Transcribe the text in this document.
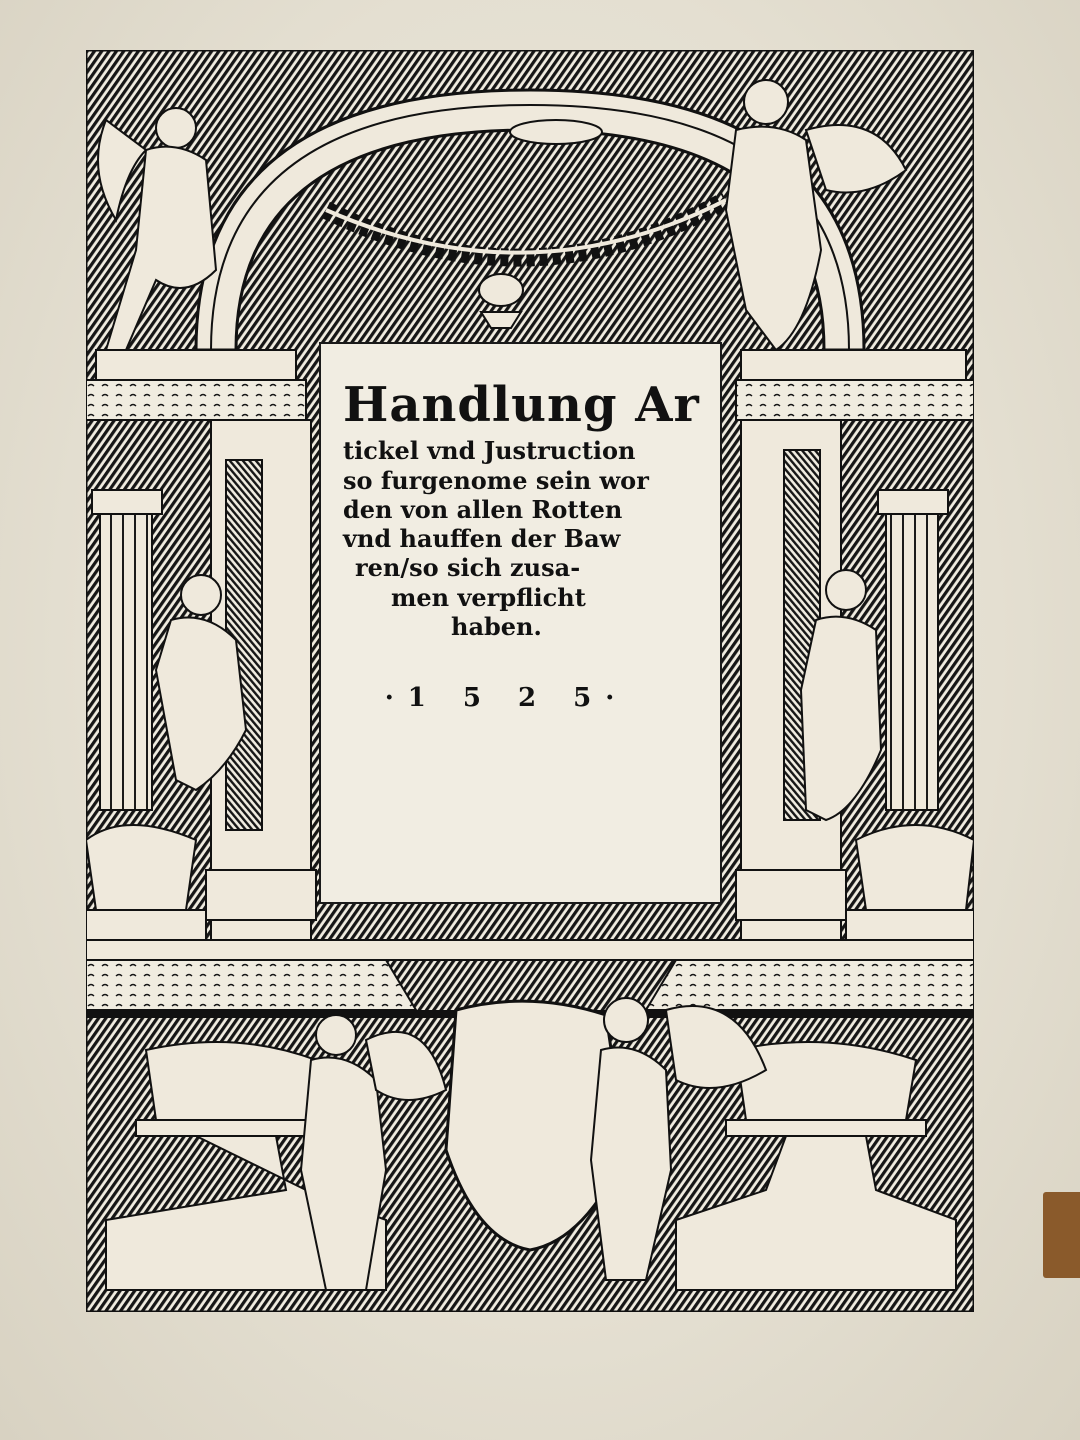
Handlung Ar

tickel vnd Justruction

so furgenome sein wor

den von allen Rotten

vnd hauffen der Baw

ren/so sich zusa-

men verpflicht

haben.

·1 5 2 5·
